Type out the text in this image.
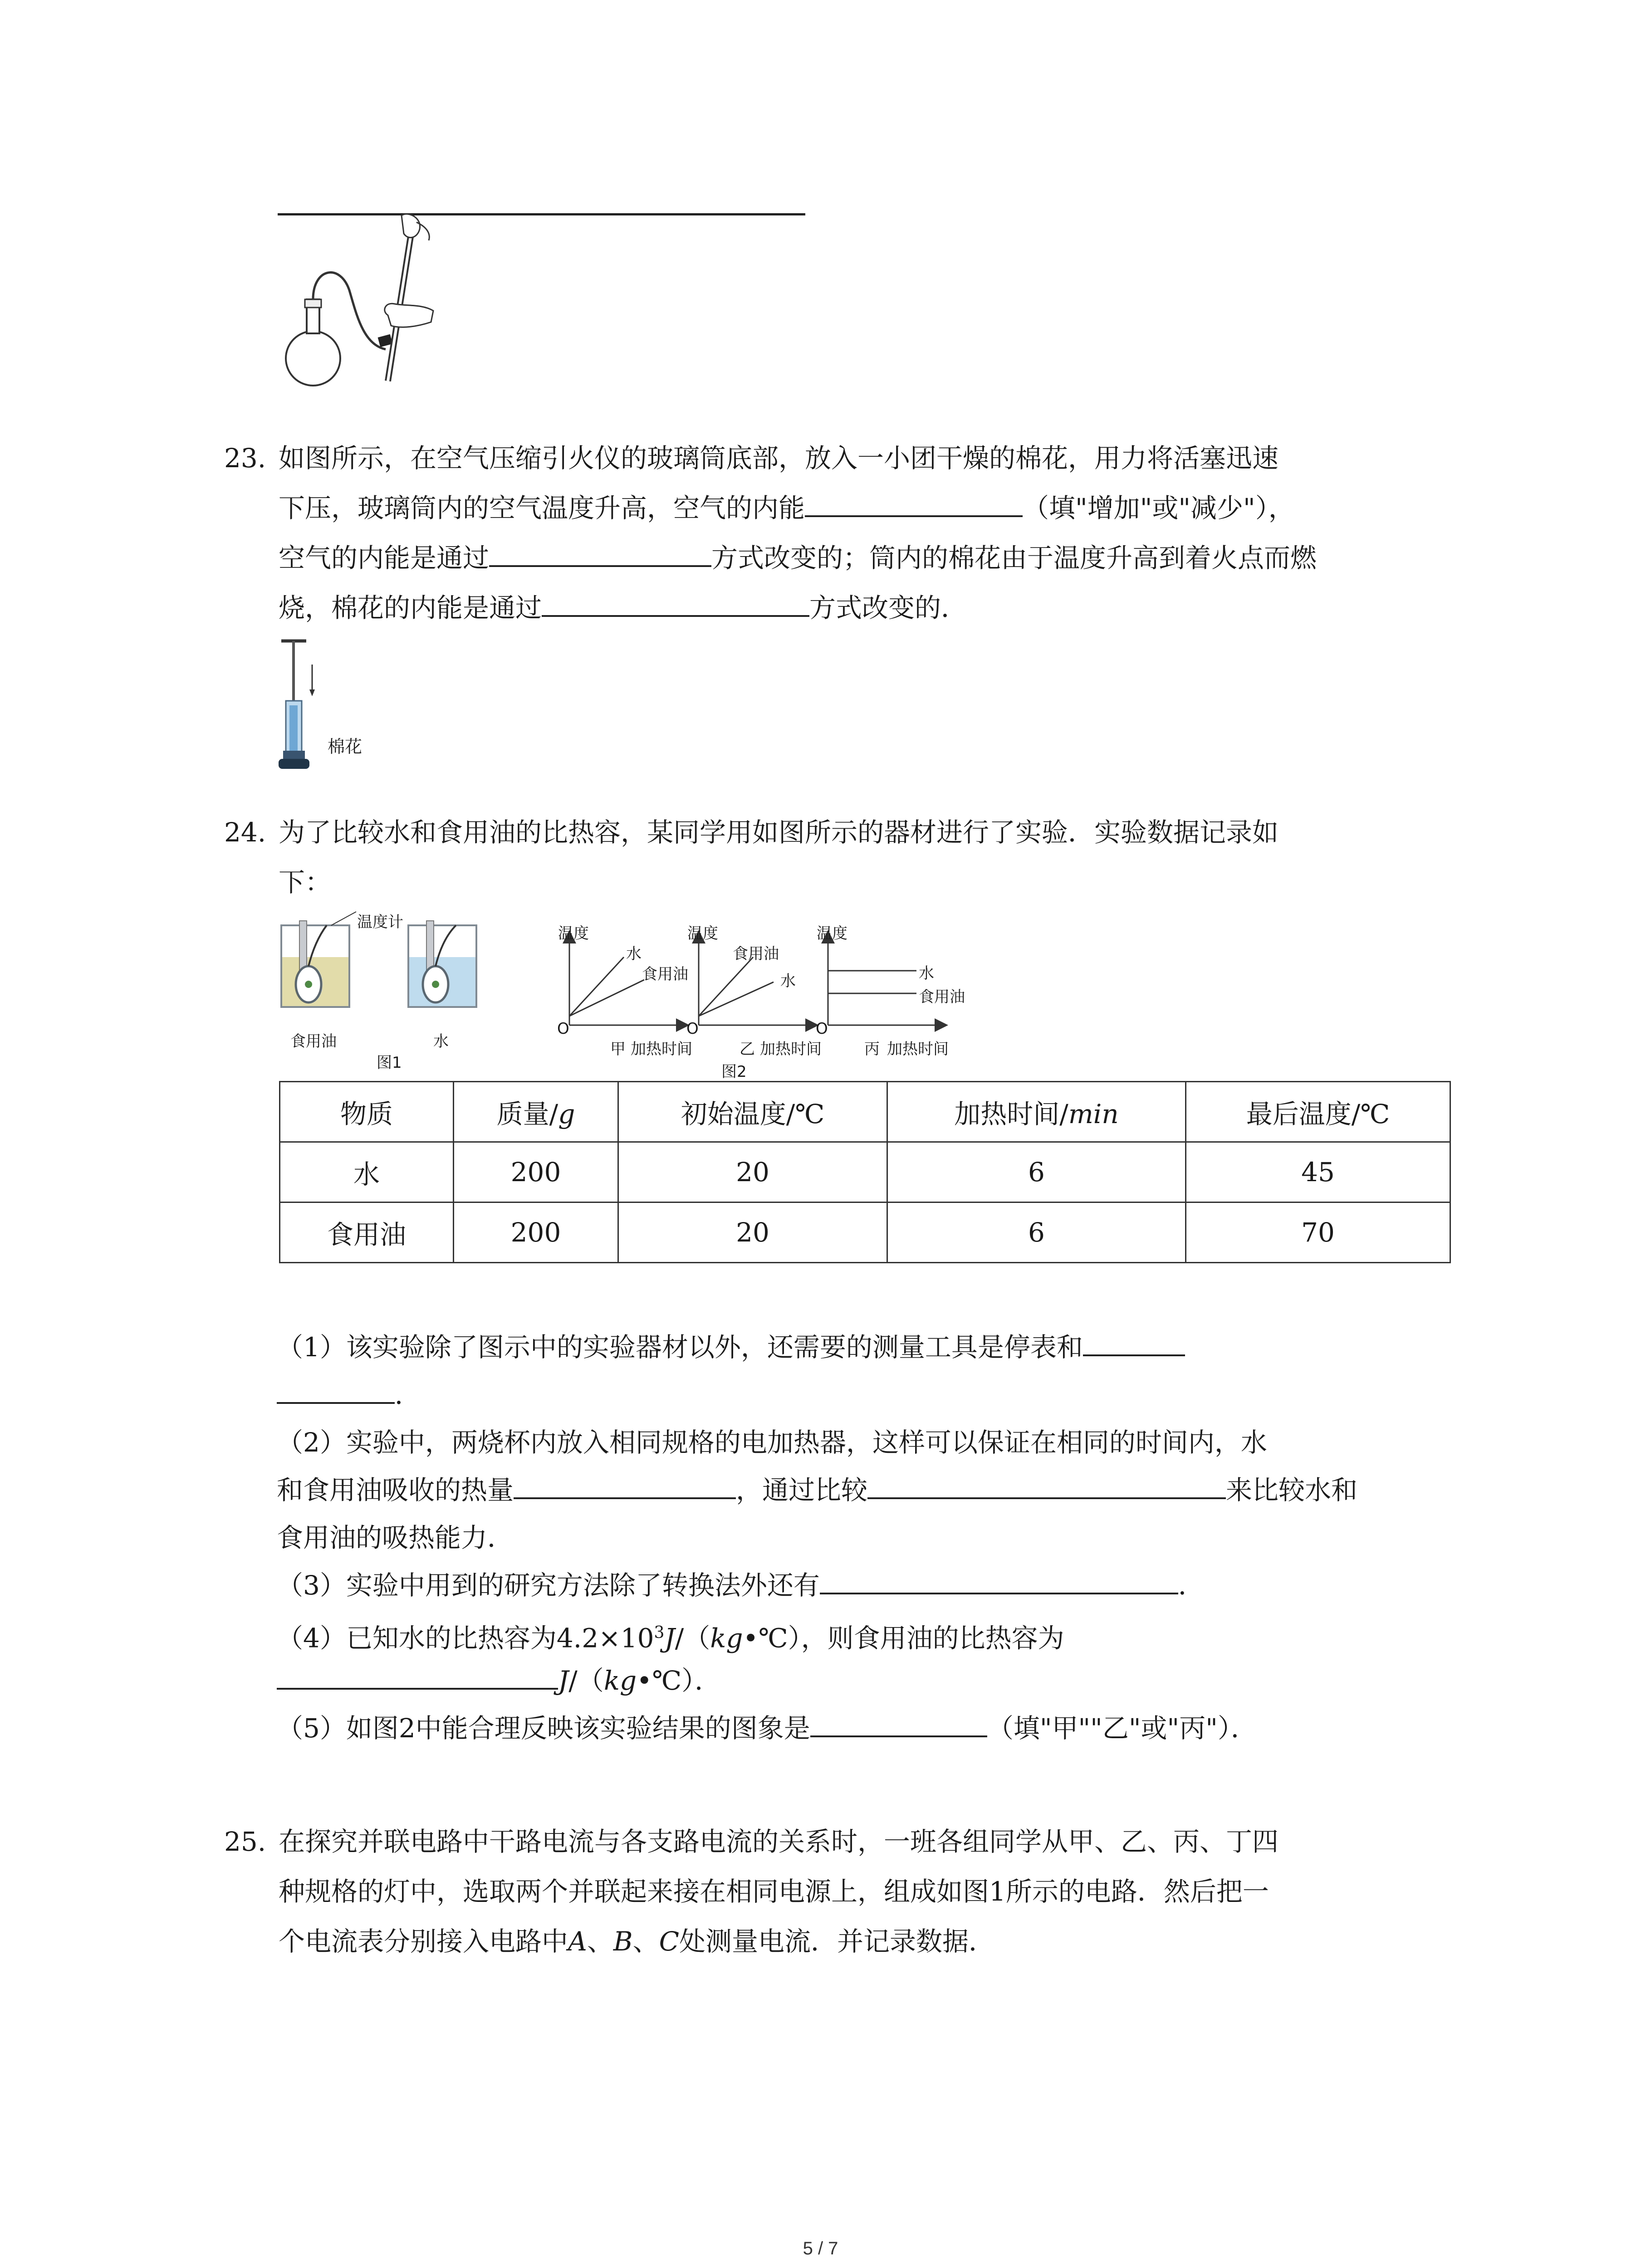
23. 如图所示，在空气压缩引火仪的玻璃筒底部，放入一小团干燥的棉花，用力将活塞迅速
下压，玻璃筒内的空气温度升高，空气的内能	（填"增加"或"减少"），
空气的内能是通过	方式改变的；筒内的棉花由于温度升高到着火点而燃
烧，棉花的内能是通过	方式改变的．
棉花
24. 为了比较水和食用油的比热容，某同学用如图所示的器材进行了实验．实验数据记录如
下：
温度计
食用油	水
图1
温度	温度	温度
水
食用油
食用油
水	水
食用油
O	O	O
甲 加热时间	乙 加热时间	丙 加热时间
图2
物质	质量/g	初始温度/℃	加热时间/min	最后温度/℃
水	200	20	6	45
食用油	200	20	6	70
（1）该实验除了图示中的实验器材以外，还需要的测量工具是停表和
．
（2）实验中，两烧杯内放入相同规格的电加热器，这样可以保证在相同的时间内，水
和食用油吸收的热量	，通过比较	来比较水和
食用油的吸热能力．
（3）实验中用到的研究方法除了转换法外还有	．
（4）已知水的比热容为$4.2\times 10^3J/(kg•℃)$，则食用油的比热容为
J/（kg•℃）．
（5）如图2中能合理反映该实验结果的图象是	（填"甲""乙"或"丙"）．
25. 在探究并联电路中干路电流与各支路电流的关系时，一班各组同学从甲、乙、丙、丁四
种规格的灯中，选取两个并联起来接在相同电源上，组成如图1所示的电路．然后把一
个电流表分别接入电路中A、B、C处测量电流．并记录数据．
5 / 7
